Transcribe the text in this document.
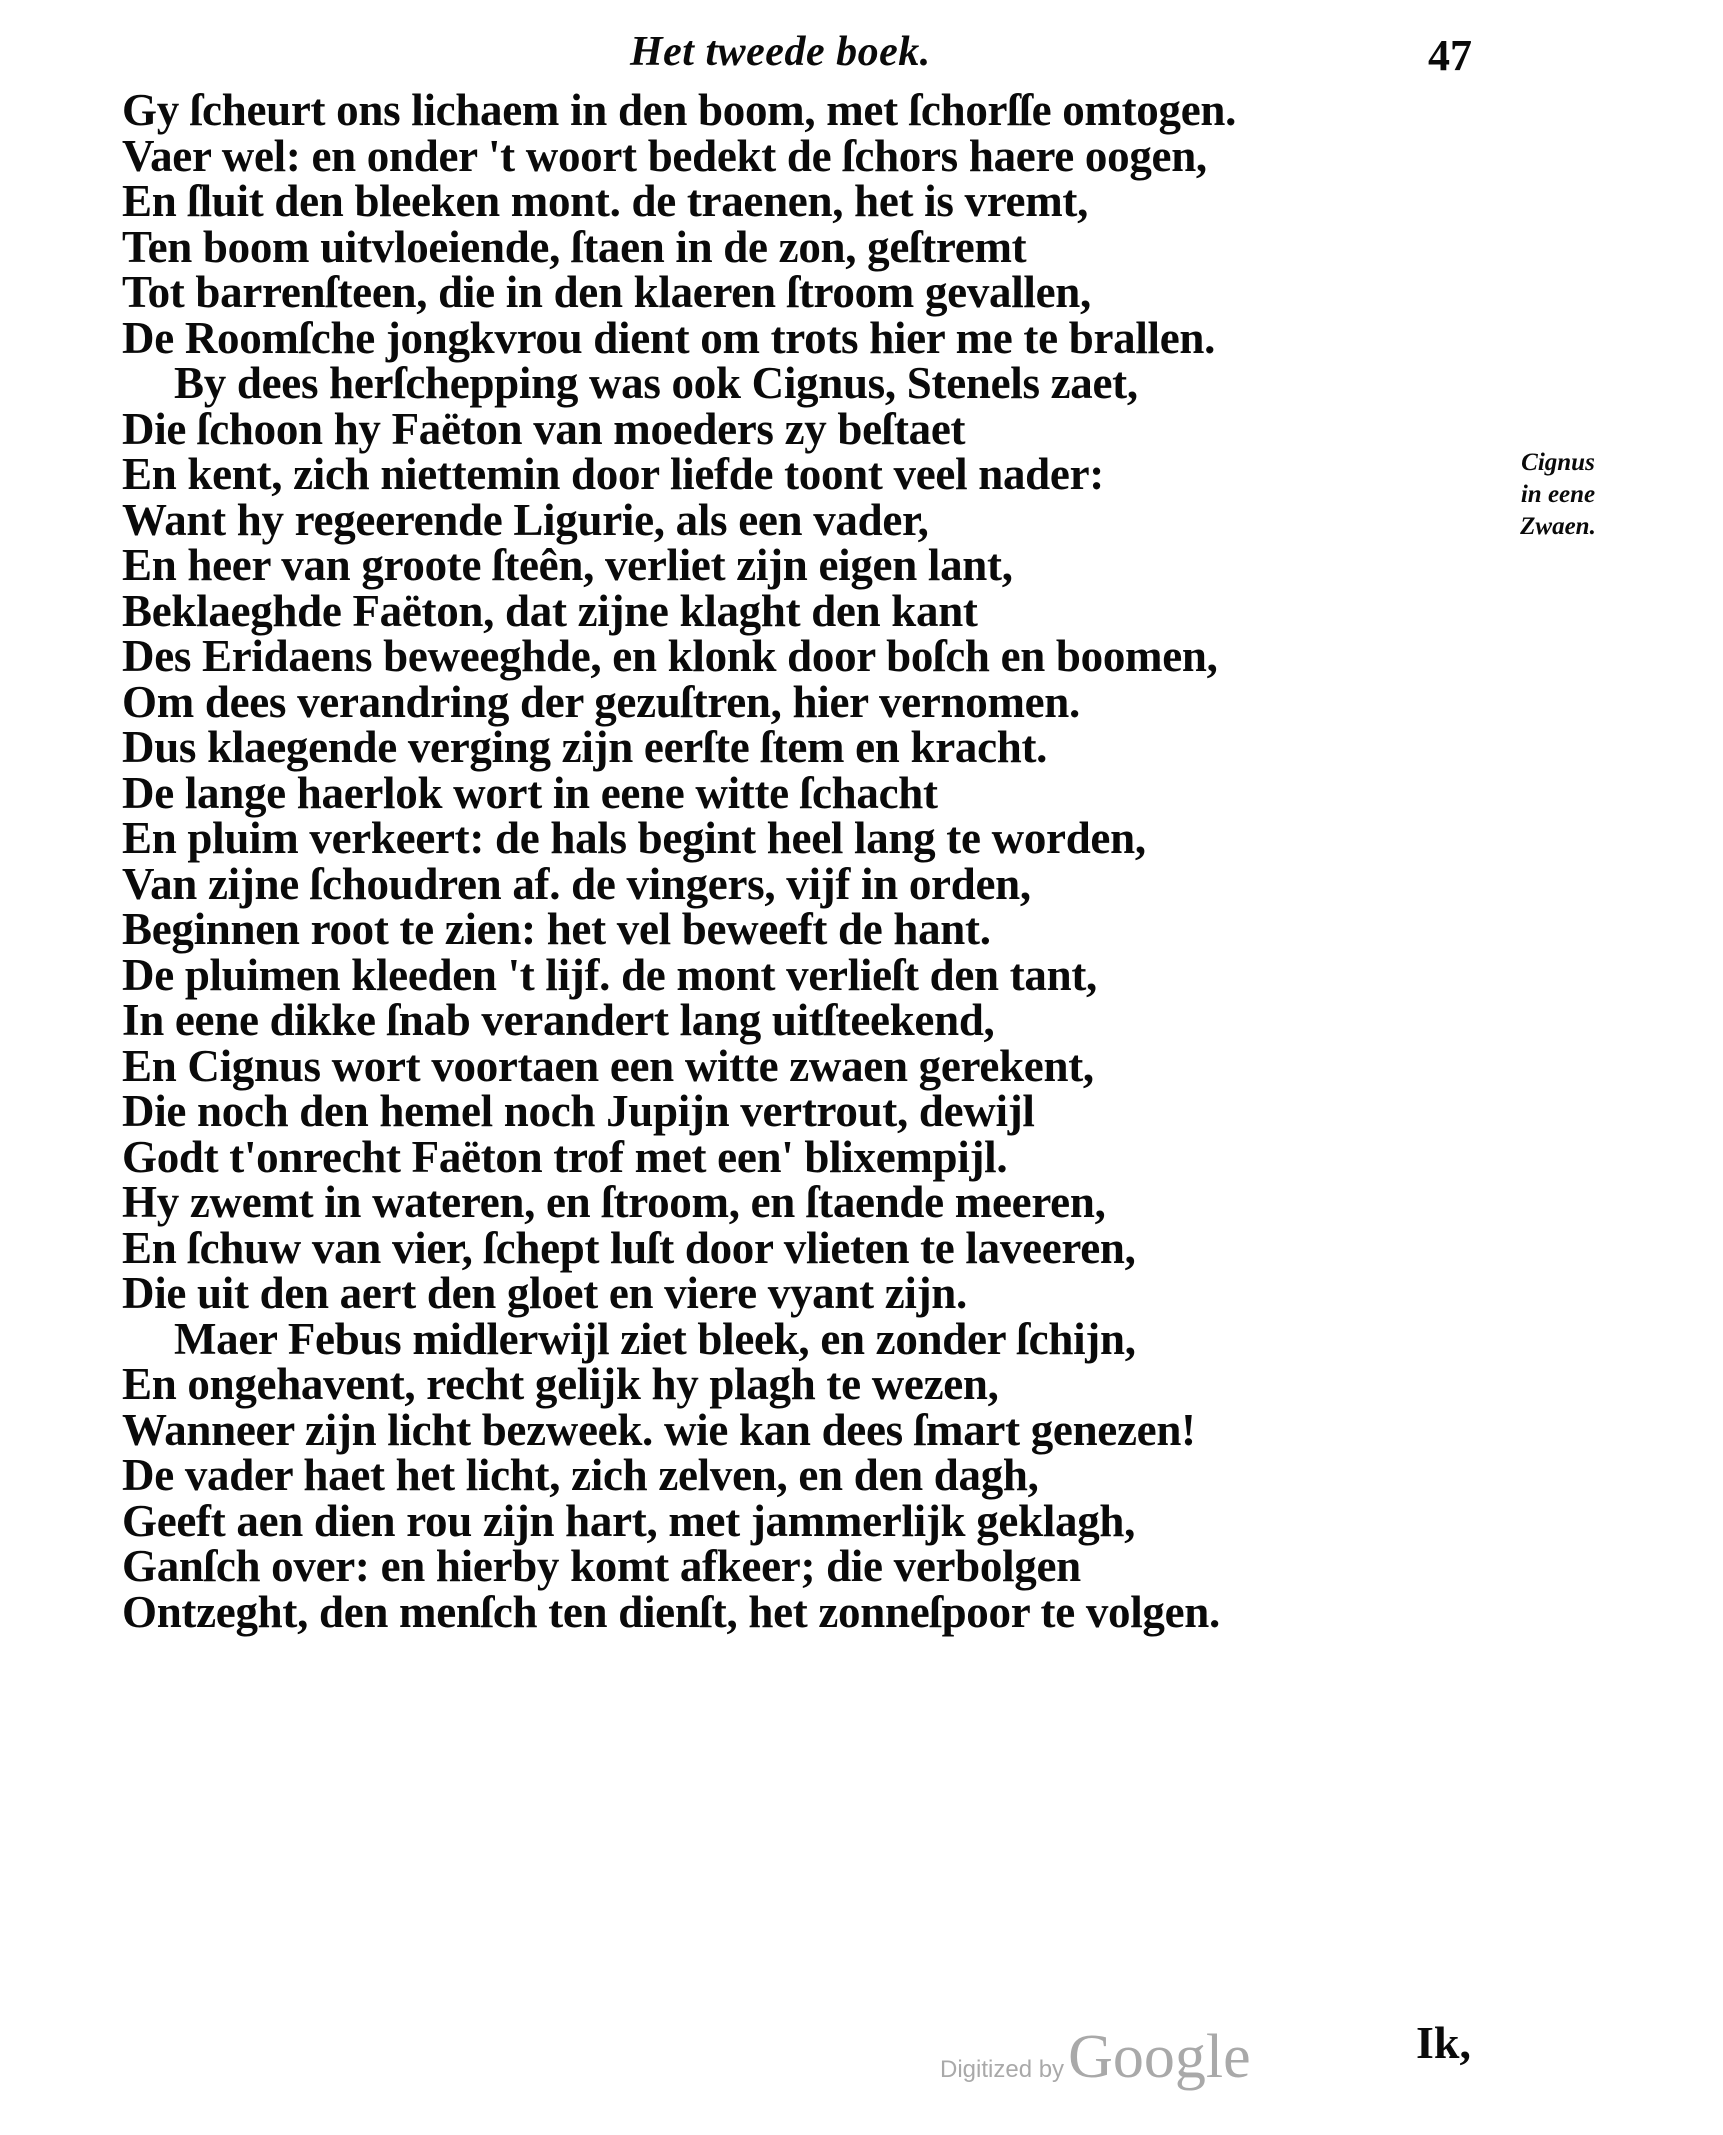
Het tweede boek.	47
Gy ſcheurt ons lichaem in den boom, met ſchorſſe omtogen.
Vaer wel: en onder 't woort bedekt de ſchors haere oogen,
En ſluit den bleeken mont. de traenen, het is vremt,
Ten boom uitvloeiende, ſtaen in de zon, geſtremt
Tot barrenſteen, die in den klaeren ſtroom gevallen,
De Roomſche jongkvrou dient om trots hier me te brallen.
By dees herſchepping was ook Cignus, Stenels zaet,
Die ſchoon hy Faëton van moeders zy beſtaet
En kent, zich niettemin door liefde toont veel nader:
Want hy regeerende Ligurie, als een vader,
En heer van groote ſteên, verliet zijn eigen lant,
Beklaeghde Faëton, dat zijne klaght den kant
Des Eridaens beweeghde, en klonk door boſch en boomen,
Om dees verandring der gezuſtren, hier vernomen.
Dus klaegende verging zijn eerſte ſtem en kracht.
De lange haerlok wort in eene witte ſchacht
En pluim verkeert: de hals begint heel lang te worden,
Van zijne ſchoudren af. de vingers, vijf in orden,
Beginnen root te zien: het vel beweeft de hant.
De pluimen kleeden 't lijf. de mont verlieſt den tant,
In eene dikke ſnab verandert lang uitſteekend,
En Cignus wort voortaen een witte zwaen gerekent,
Die noch den hemel noch Jupijn vertrout, dewijl
Godt t'onrecht Faëton trof met een' blixempijl.
Hy zwemt in wateren, en ſtroom, en ſtaende meeren,
En ſchuw van vier, ſchept luſt door vlieten te laveeren,
Die uit den aert den gloet en viere vyant zijn.
Maer Febus midlerwijl ziet bleek, en zonder ſchijn,
En ongehavent, recht gelijk hy plagh te wezen,
Wanneer zijn licht bezweek. wie kan dees ſmart genezen!
De vader haet het licht, zich zelven, en den dagh,
Geeft aen dien rou zijn hart, met jammerlijk geklagh,
Ganſch over: en hierby komt afkeer; die verbolgen
Ontzeght, den menſch ten dienſt, het zonneſpoor te volgen.
Cignus
in eene
Zwaen.
Digitized by Google	Ik,
